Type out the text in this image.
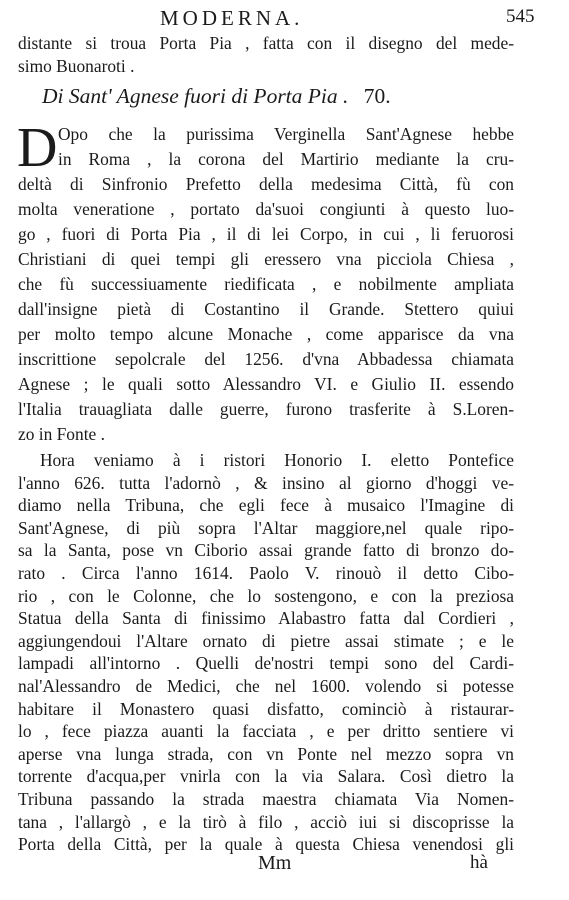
MODERNA.	545
distante si troua Porta Pia , fatta con il disegno del mede-
simo Buonaroti .
Di Sant' Agnese fuori di Porta Pia . 70.
D Opo che la purissima Verginella Sant'Agnese hebbe
in Roma , la corona del Martirio mediante la cru-
deltà di Sinfronio Prefetto della medesima Città, fù con
molta veneratione , portato da'suoi congiunti à questo luo-
go , fuori di Porta Pia , il di lei Corpo, in cui , li feruorosi
Christiani di quei tempi gli eressero vna picciola Chiesa ,
che fù successiuamente riedificata , e nobilmente ampliata
dall'insigne pietà di Costantino il Grande. Stettero quiui
per molto tempo alcune Monache , come apparisce da vna
inscrittione sepolcrale del 1256. d'vna Abbadessa chiamata
Agnese ; le quali sotto Alessandro VI. e Giulio II. essendo
l'Italia trauagliata dalle guerre, furono trasferite à S.Loren-
zo in Fonte .
Hora veniamo à i ristori Honorio I. eletto Pontefice
l'anno 626. tutta l'adornò , & insino al giorno d'hoggi ve-
diamo nella Tribuna, che egli fece à musaico l'Imagine di
Sant'Agnese, di più sopra l'Altar maggiore,nel quale ripo-
sa la Santa, pose vn Ciborio assai grande fatto di bronzo do-
rato . Circa l'anno 1614. Paolo V. rinouò il detto Cibo-
rio , con le Colonne, che lo sostengono, e con la preziosa
Statua della Santa di finissimo Alabastro fatta dal Cordieri ,
aggiungendoui l'Altare ornato di pietre assai stimate ; e le
lampadi all'intorno . Quelli de'nostri tempi sono del Cardi-
nal'Alessandro de Medici, che nel 1600. volendo si potesse
habitare il Monastero quasi disfatto, cominciò à ristaurar-
lo , fece piazza auanti la facciata , e per dritto sentiere vi
aperse vna lunga strada, con vn Ponte nel mezzo sopra vn
torrente d'acqua,per vnirla con la via Salara. Così dietro la
Tribuna passando la strada maestra chiamata Via Nomen-
Mm	hà
tana , l'allargò , e la tirò à filo , acciò iui si discoprisse la
Porta della Città, per la quale à questa Chiesa venendosi gli
